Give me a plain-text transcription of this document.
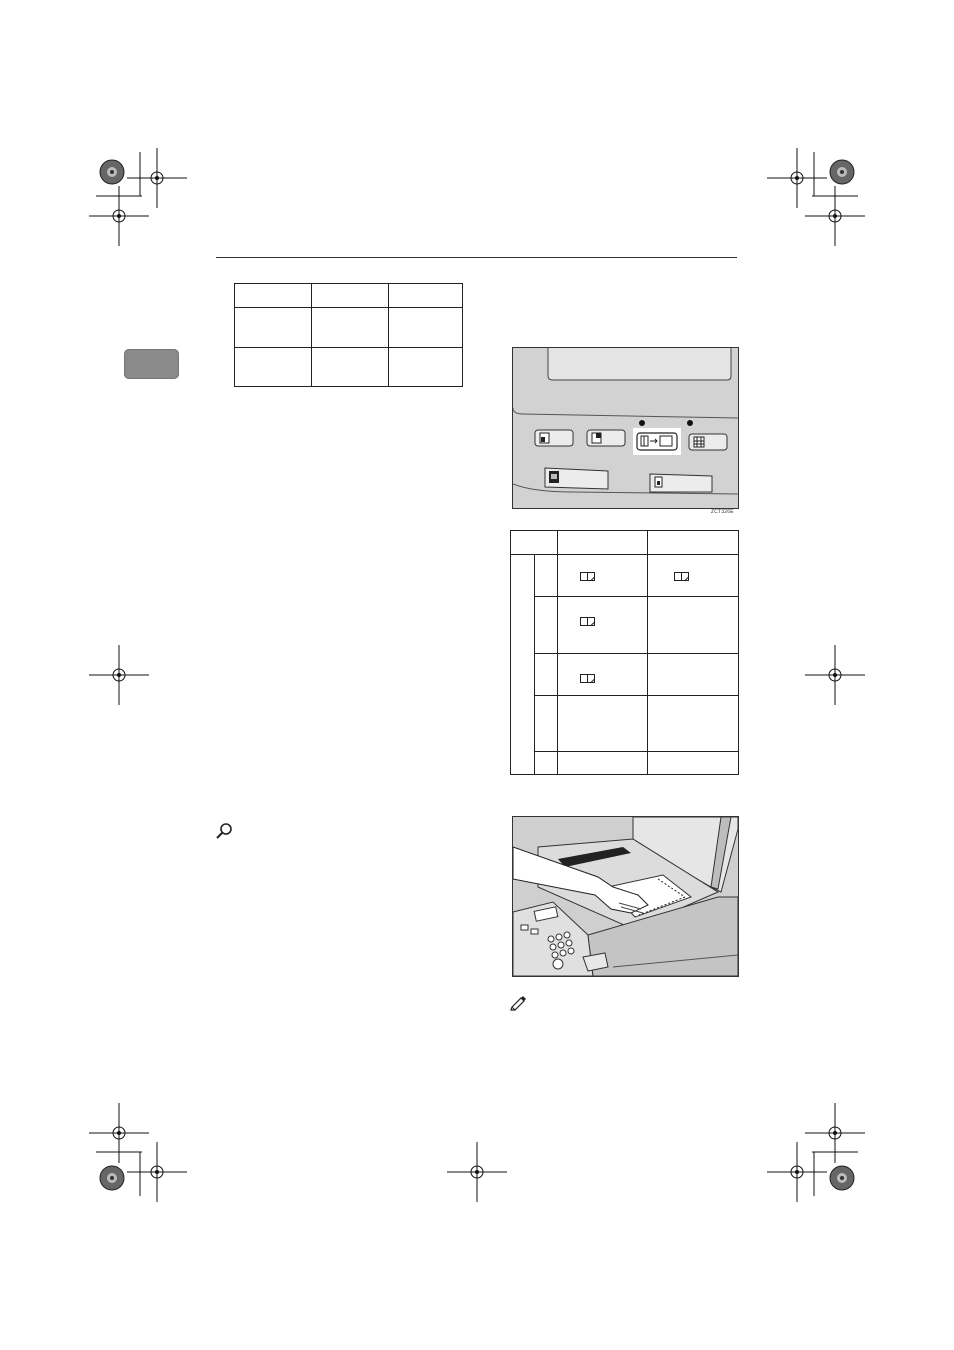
ZCT326E
